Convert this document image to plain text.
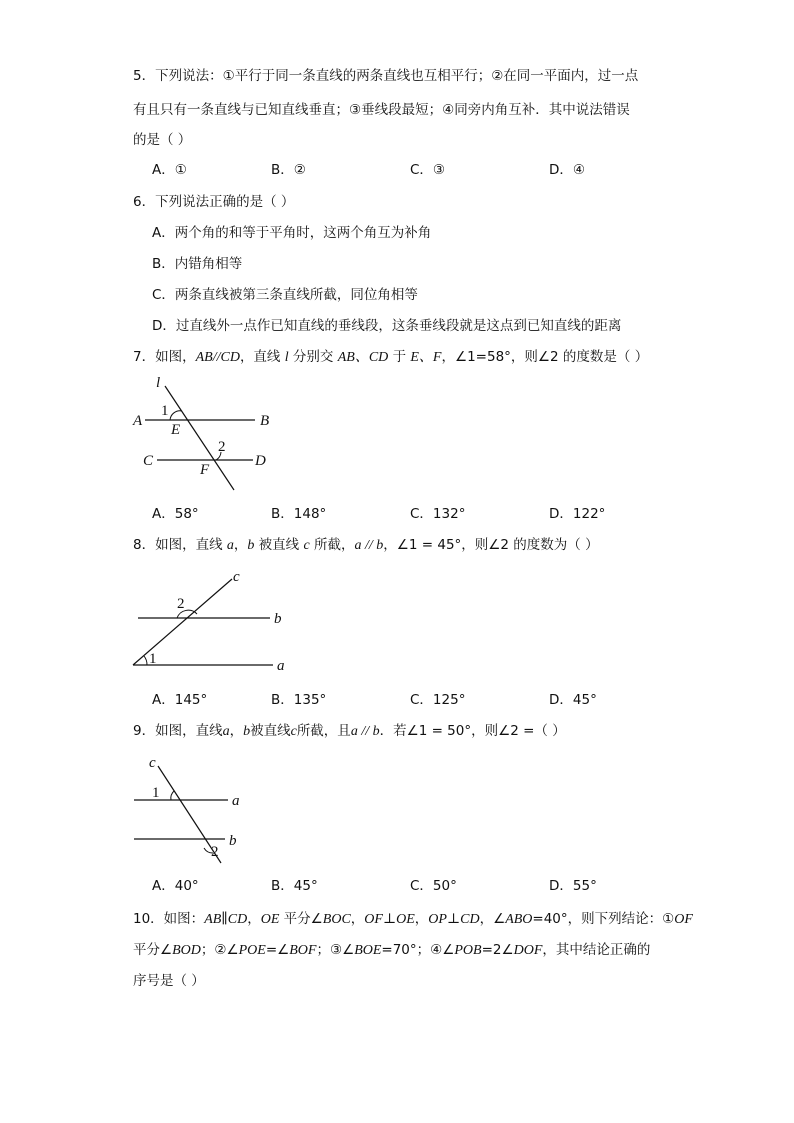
5．下列说法：①平行于同一条直线的两条直线也互相平行；②在同一平面内，过一点
有且只有一条直线与已知直线垂直；③垂线段最短；④同旁内角互补．其中说法错误
的是（ ）
A．①	B．②	C．③	D．④
6．下列说法正确的是（ ）
A．两个角的和等于平角时，这两个角互为补角
B．内错角相等
C．两条直线被第三条直线所截，同位角相等
D．过直线外一点作已知直线的垂线段，这条垂线段就是这点到已知直线的距离
7．如图，AB//CD，直线 l 分别交 AB、CD 于 E、F，∠1=58°，则∠2 的度数是（ ）
l
1
A
E
B
2
C
F
D
A．58°	B．148°	C．132°	D．122°
8．如图，直线 a，b 被直线 c 所截，a // b，∠1 = 45°，则∠2 的度数为（ ）
c
2
b
1	a
A．145°	B．135°	C．125°	D．45°
9．如图，直线a，b被直线c所截，且a // b．若∠1 = 50°，则∠2 =（ ）
c
1	a
b
2
A．40°	B．45°	C．50°	D．55°
10．如图：AB∥CD，OE 平分∠BOC，OF⊥OE，OP⊥CD，∠ABO=40°，则下列结论：①OF
平分∠BOD；②∠POE=∠BOF；③∠BOE=70°；④∠POB=2∠DOF，其中结论正确的
序号是（ ）
